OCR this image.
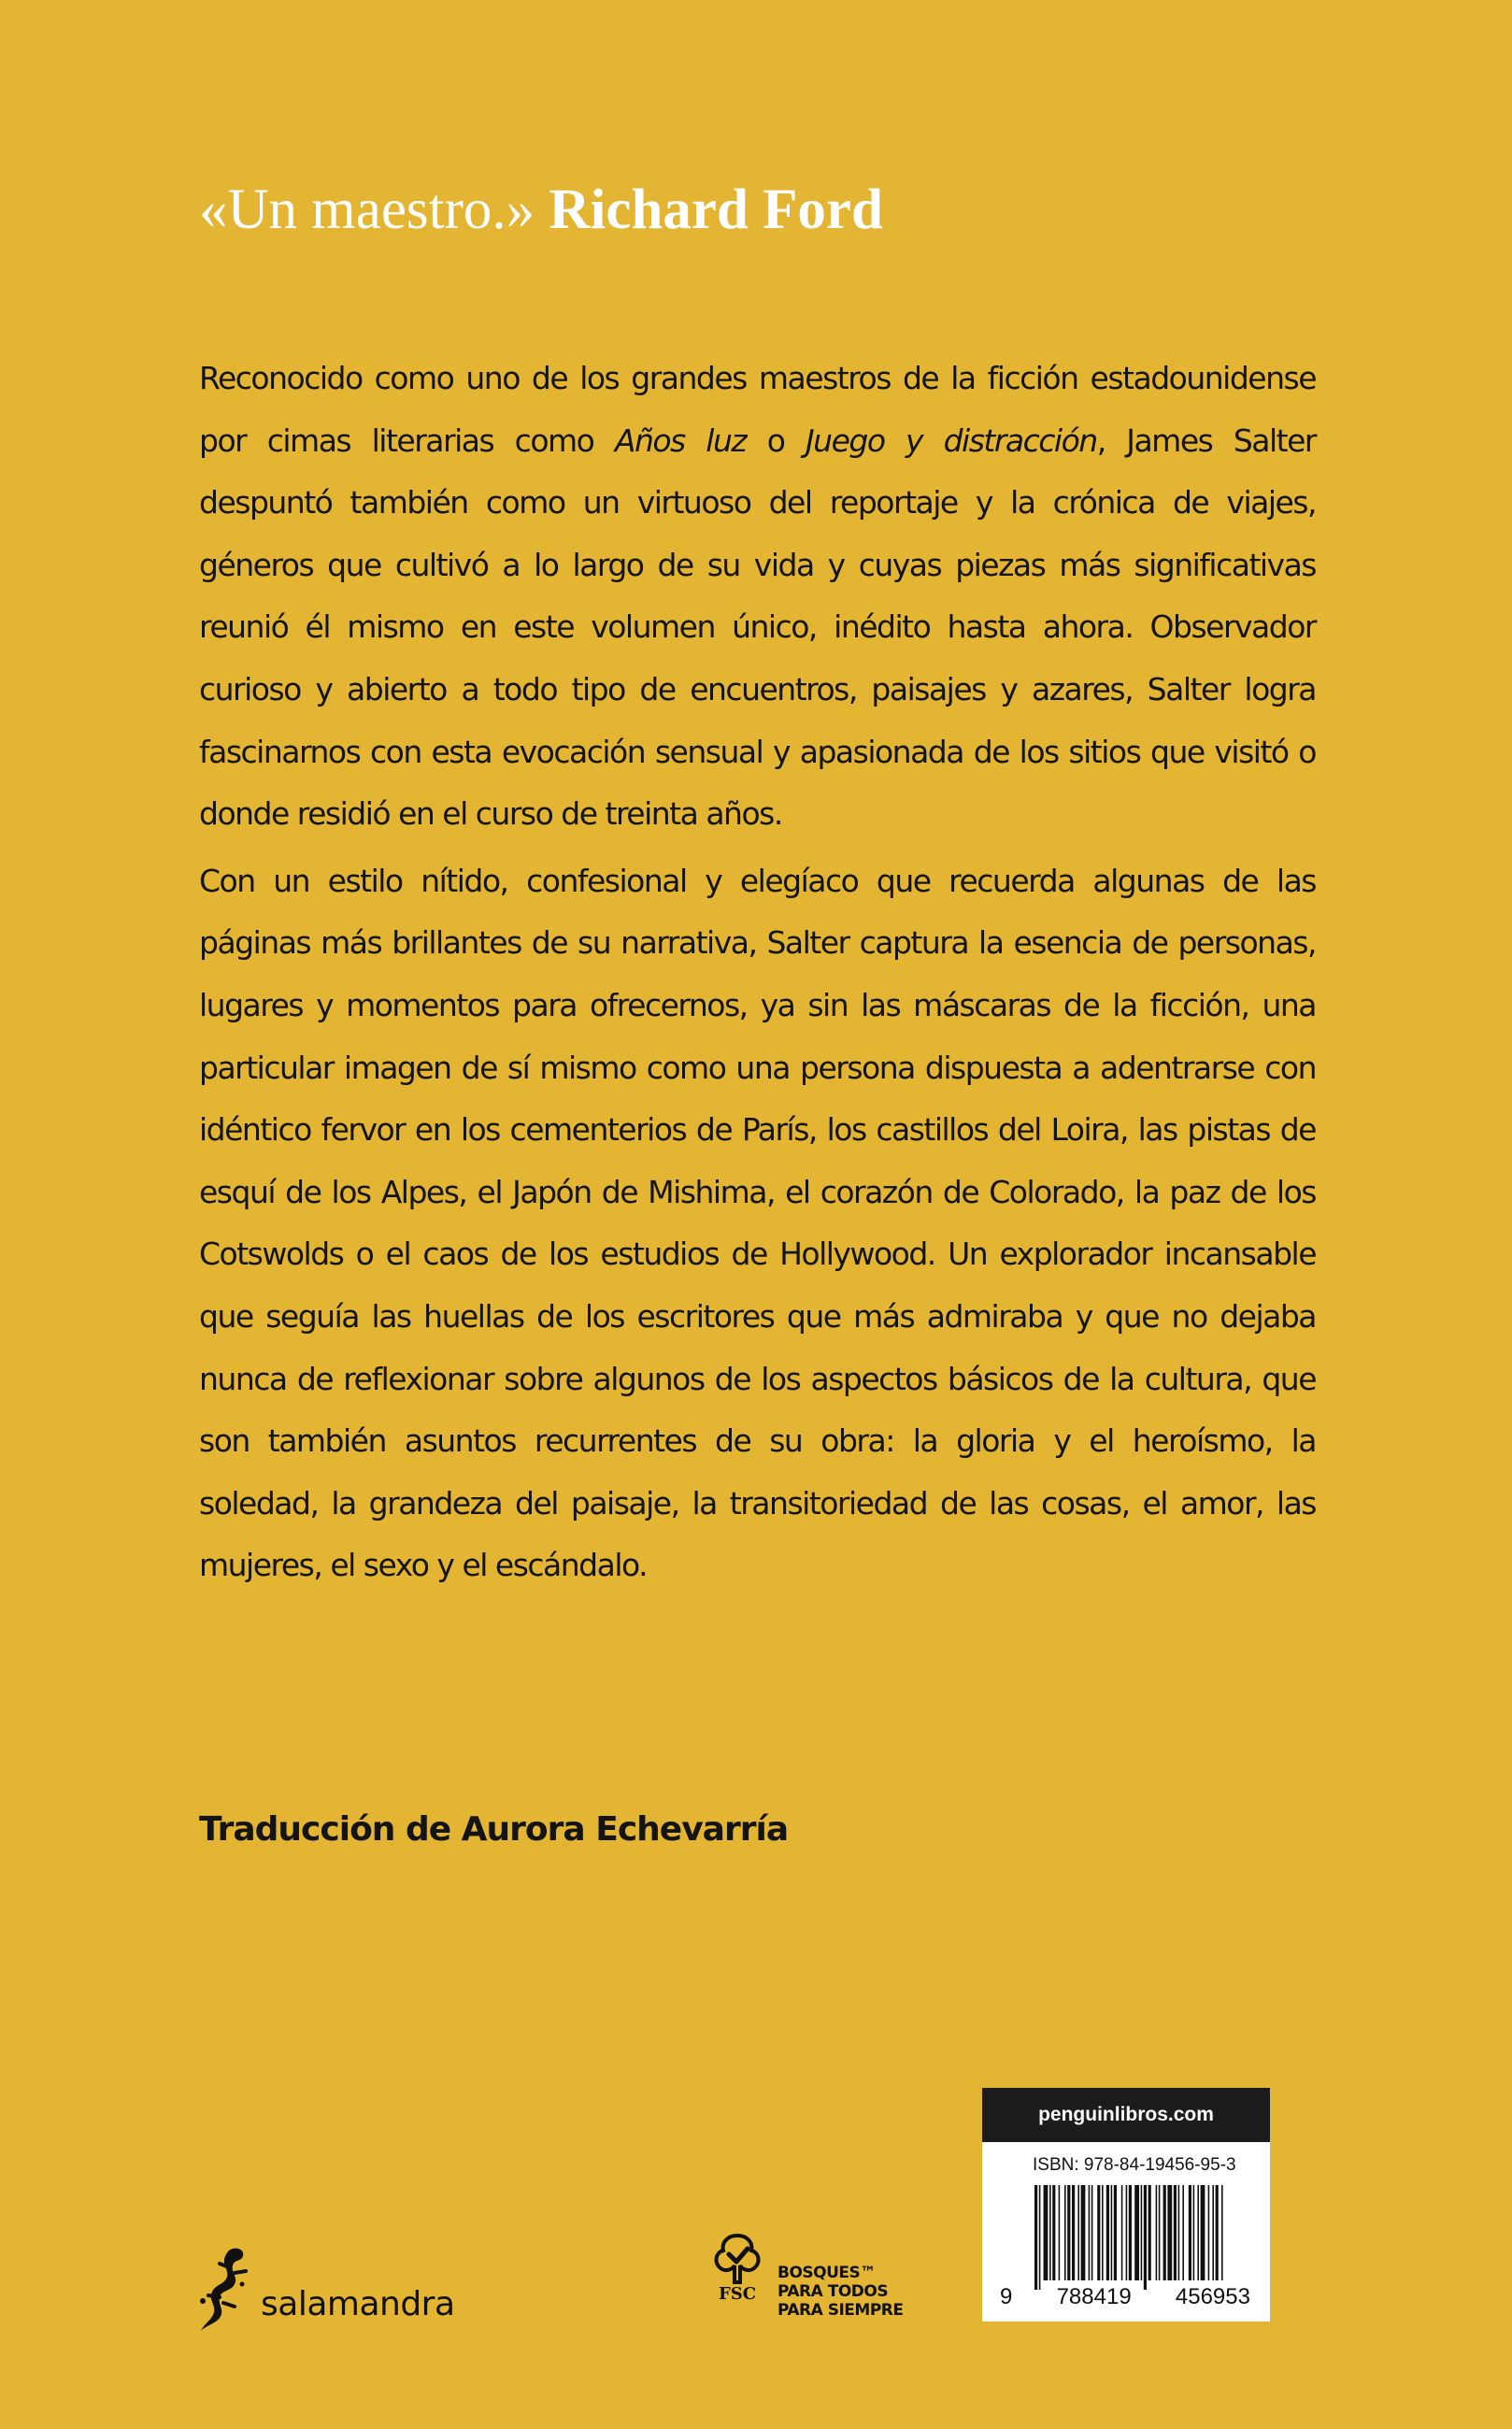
«Un maestro.» Richard Ford

Reconocido como uno de los grandes maestros de la ficción estadounidense por cimas literarias como Años luz o Juego y distracción, James Salter despuntó también como un virtuoso del reportaje y la crónica de viajes, géneros que cultivó a lo largo de su vida y cuyas piezas más significativas reunió él mismo en este volumen único, inédito hasta ahora. Observador curioso y abierto a todo tipo de encuentros, paisajes y azares, Salter logra fascinarnos con esta evocación sensual y apasionada de los sitios que visitó o donde residió en el curso de treinta años.

Con un estilo nítido, confesional y elegíaco que recuerda algunas de las páginas más brillantes de su narrativa, Salter captura la esencia de personas, lugares y momentos para ofrecernos, ya sin las máscaras de la ficción, una particular imagen de sí mismo como una persona dispuesta a adentrarse con idéntico fervor en los cementerios de París, los castillos del Loira, las pistas de esquí de los Alpes, el Japón de Mishima, el corazón de Colorado, la paz de los Cotswolds o el caos de los estudios de Hollywood. Un explorador incansable que seguía las huellas de los escritores que más admiraba y que no dejaba nunca de reflexionar sobre algunos de los aspectos básicos de la cultura, que son también asuntos recurrentes de su obra: la gloria y el heroísmo, la soledad, la grandeza del paisaje, la transitoriedad de las cosas, el amor, las mujeres, el sexo y el escándalo.

Traducción de Aurora Echevarría
salamandra	FSC
BOSQUES™
PARA TODOS
PARA SIEMPRE
penguinlibros.com
ISBN: 978-84-19456-95-3
9 788419 456953
